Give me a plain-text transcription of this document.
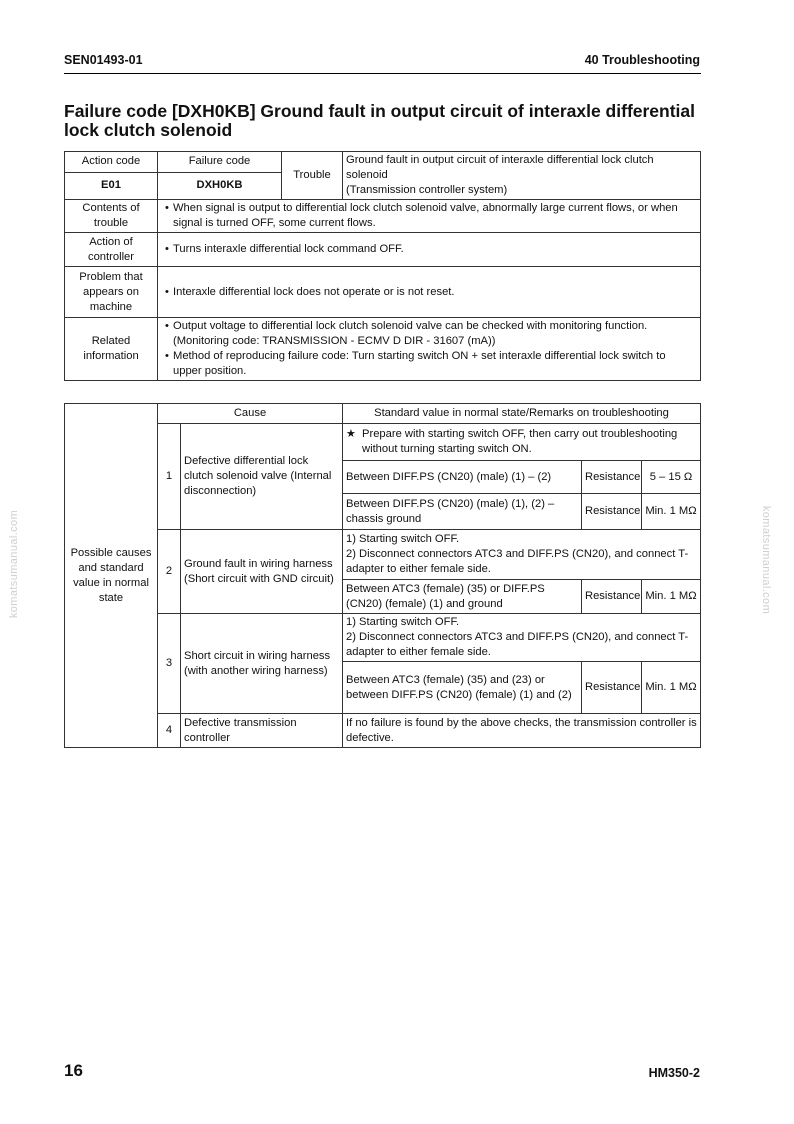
SEN01493-01	40 Troubleshooting
Failure code [DXH0KB] Ground fault in output circuit of interaxle differential lock clutch solenoid
komatsumanual.com	komatsumanual.com
Action code	Failure code	Trouble	Ground fault in output circuit of interaxle differential lock clutch solenoid
(Transmission controller system)

E01	DXH0KB		
Contents of trouble	• When signal is output to differential lock clutch solenoid valve, abnormally large current flows, or when signal is turned OFF, some current flows.		

Action of controller	• Turns interaxle differential lock command OFF.		

Problem that appears on machine	• Interaxle differential lock does not operate or is not reset.		

Related information	• Output voltage to differential lock clutch solenoid valve can be checked with monitoring function. (Monitoring code: TRANSMISSION - ECMV D DIR - 31607 (mA))
• Method of reproducing failure code: Turn starting switch ON + set interaxle differential lock switch to upper position.		
Possible causes and standard value in normal state	Cause		Standard value in normal state/Remarks on troubleshooting		
	1	Defective differential lock clutch solenoid valve (Internal disconnection)	★ Prepare with starting switch OFF, then carry out troubleshooting without turning starting switch ON.		

			Between DIFF.PS (CN20) (male) (1) – (2)	Resistance	5 – 15 Ω
			Between DIFF.PS (CN20) (male) (1), (2) – chassis ground	Resistance	Min. 1 MΩ
	2	Ground fault in wiring harness (Short circuit with GND circuit)	1) Starting switch OFF.
2) Disconnect connectors ATC3 and DIFF.PS (CN20), and connect T-adapter to either female side.		

			Between ATC3 (female) (35) or DIFF.PS (CN20) (female) (1) and ground	Resistance	Min. 1 MΩ
	3	Short circuit in wiring harness (with another wiring harness)	1) Starting switch OFF.
2) Disconnect connectors ATC3 and DIFF.PS (CN20), and connect T-adapter to either female side.		

			Between ATC3 (female) (35) and (23) or between DIFF.PS (CN20) (female) (1) and (2)	Resistance	Min. 1 MΩ
	4	Defective transmission controller	If no failure is found by the above checks, the transmission controller is defective.		
16	HM350-2
